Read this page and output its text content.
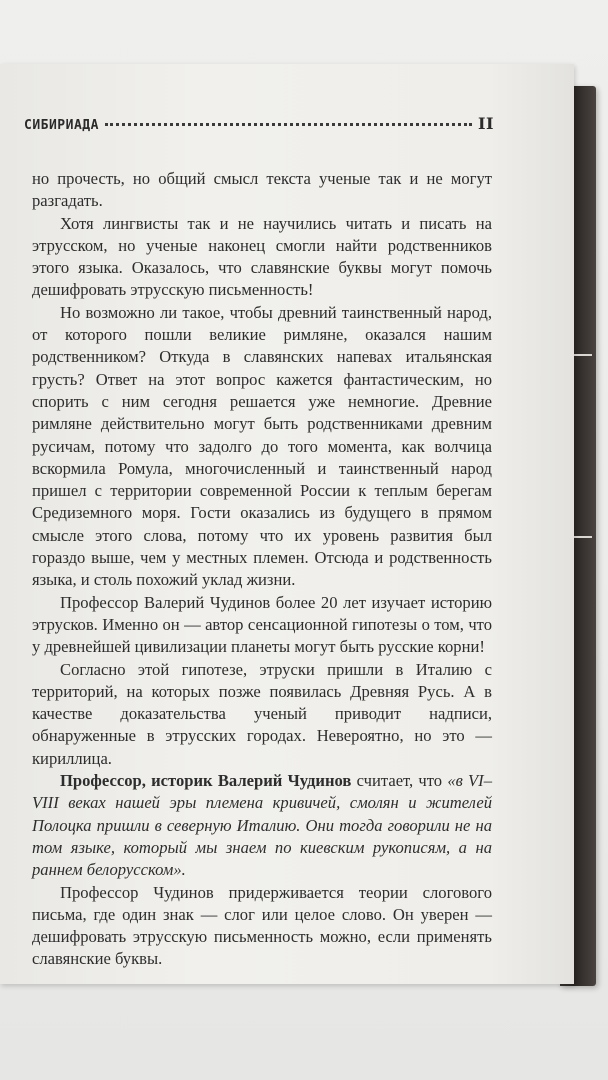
СИБИРИАДА	II

но прочесть, но общий смысл текста ученые так и не могут разгадать.

Хотя лингвисты так и не научились читать и писать на этрусском, но ученые наконец смогли найти родственников этого языка. Оказалось, что славянские буквы могут помочь дешифровать этрусскую письменность!

Но возможно ли такое, чтобы древний таинственный народ, от которого пошли великие римляне, оказался нашим родственником? Откуда в славянских напевах итальянская грусть? Ответ на этот вопрос кажется фантастическим, но спорить с ним сегодня решается уже немногие. Древние римляне действительно могут быть родственниками древним русичам, потому что задолго до того момента, как волчица вскормила Ромула, многочисленный и таинственный народ пришел с территории современной России к теплым берегам Средиземного моря. Гости оказались из будущего в прямом смысле этого слова, потому что их уровень развития был гораздо выше, чем у местных племен. Отсюда и родственность языка, и столь похожий уклад жизни.

Профессор Валерий Чудинов более 20 лет изучает историю этрусков. Именно он — автор сенсационной гипотезы о том, что у древнейшей цивилизации планеты могут быть русские корни!

Согласно этой гипотезе, этруски пришли в Италию с территорий, на которых позже появилась Древняя Русь. А в качестве доказательства ученый приводит надписи, обнаруженные в этрусских городах. Невероятно, но это — кириллица.

Профессор, историк Валерий Чудинов считает, что «в VI–VIII веках нашей эры племена кривичей, смолян и жителей Полоцка пришли в северную Италию. Они тогда говорили не на том языке, который мы знаем по киевским рукописям, а на раннем белорусском».

Профессор Чудинов придерживается теории слогового письма, где один знак — слог или целое слово. Он уверен — дешифровать этрусскую письменность можно, если применять славянские буквы.
